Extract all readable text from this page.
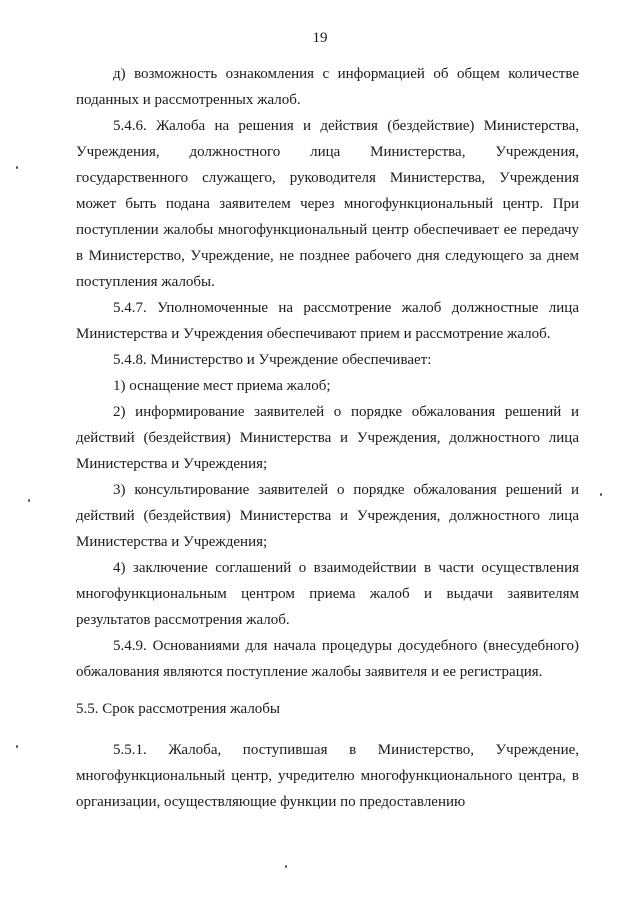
19
д) возможность ознакомления с информацией об общем количестве
поданных и рассмотренных жалоб.

5.4.6. Жалоба на решения и действия (бездействие) Министерства, Учреждения, должностного лица Министерства, Учреждения, государственного служащего, руководителя Министерства, Учреждения может быть подана заявителем через многофункциональный центр. При поступлении жалобы многофункциональный центр обеспечивает ее передачу в Министерство, Учреждение, не позднее рабочего дня следующего за днем поступления жалобы.

5.4.7. Уполномоченные на рассмотрение жалоб должностные лица Министерства и Учреждения обеспечивают прием и рассмотрение жалоб.

5.4.8. Министерство и Учреждение обеспечивает:

1) оснащение мест приема жалоб;

2) информирование заявителей о порядке обжалования решений и действий (бездействия) Министерства и Учреждения, должностного лица Министерства и Учреждения;

3) консультирование заявителей о порядке обжалования решений и действий (бездействия) Министерства и Учреждения, должностного лица Министерства и Учреждения;

4) заключение соглашений о взаимодействии в части осуществления многофункциональным центром приема жалоб и выдачи заявителям результатов рассмотрения жалоб.

5.4.9. Основаниями для начала процедуры досудебного (внесудебного) обжалования являются поступление жалобы заявителя и ее регистрация.

5.5. Срок рассмотрения жалобы

5.5.1. Жалоба, поступившая в Министерство, Учреждение, многофункциональный центр, учредителю многофункционального центра, в организации, осуществляющие функции по предоставлению
